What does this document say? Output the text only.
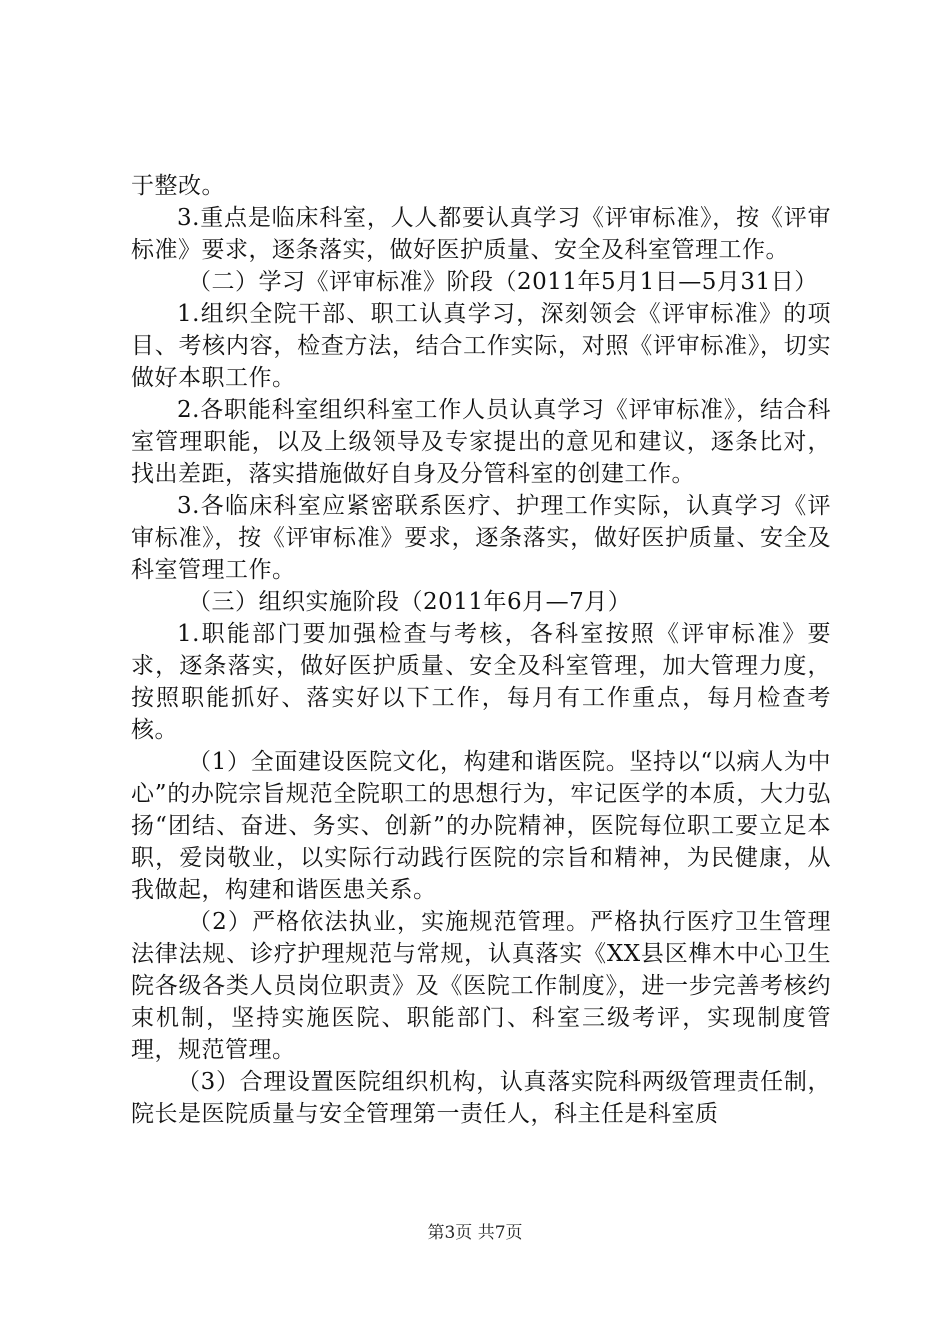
于整改。

3.重点是临床科室，人人都要认真学习《评审标准》，按《评审标准》要求，逐条落实，做好医护质量、安全及科室管理工作。

（二）学习《评审标准》阶段（2011年5月1日—5月31日）

1.组织全院干部、职工认真学习，深刻领会《评审标准》的项目、考核内容，检查方法，结合工作实际，对照《评审标准》，切实做好本职工作。

2.各职能科室组织科室工作人员认真学习《评审标准》，结合科室管理职能，以及上级领导及专家提出的意见和建议，逐条比对，找出差距，落实措施做好自身及分管科室的创建工作。

3.各临床科室应紧密联系医疗、护理工作实际，认真学习《评审标准》，按《评审标准》要求，逐条落实，做好医护质量、安全及科室管理工作。

（三）组织实施阶段（2011年6月—7月）

1.职能部门要加强检查与考核，各科室按照《评审标准》要求，逐条落实，做好医护质量、安全及科室管理，加大管理力度，按照职能抓好、落实好以下工作，每月有工作重点，每月检查考核。

（1）全面建设医院文化，构建和谐医院。坚持以“以病人为中心”的办院宗旨规范全院职工的思想行为，牢记医学的本质，大力弘扬“团结、奋进、务实、创新”的办院精神，医院每位职工要立足本职，爱岗敬业，以实际行动践行医院的宗旨和精神，为民健康，从我做起，构建和谐医患关系。

（2）严格依法执业，实施规范管理。严格执行医疗卫生管理法律法规、诊疗护理规范与常规，认真落实《XX县区榫木中心卫生院各级各类人员岗位职责》及《医院工作制度》，进一步完善考核约束机制，坚持实施医院、职能部门、科室三级考评，实现制度管理，规范管理。

（3）合理设置医院组织机构，认真落实院科两级管理责任制，院长是医院质量与安全管理第一责任人，科主任是科室质

第3页 共7页
